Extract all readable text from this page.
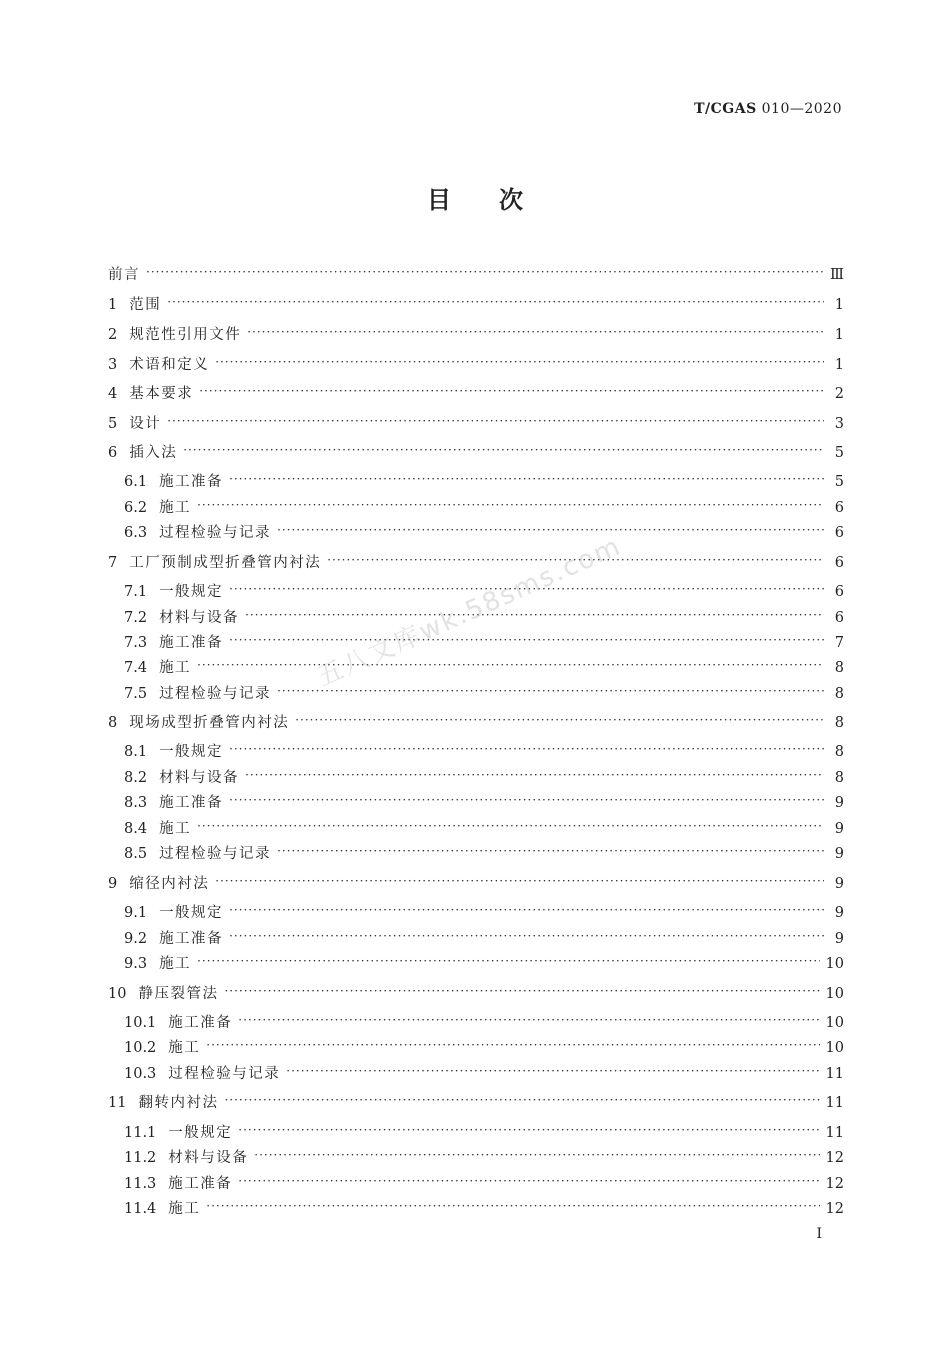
T/CGAS 010—2020
目次
前言 ·····	Ⅲ
1 范围 ·····	1
2 规范性引用文件 ·····	1
3 术语和定义 ·····	1
4 基本要求 ·····	2
5 设计 ·····	3
6 插入法 ·····	5
6.1 施工准备 ·····	5
6.2 施工 ·····	6
6.3 过程检验与记录 ·····	6
7 工厂预制成型折叠管内衬法 ·····	6
7.1 一般规定 ·····	6
7.2 材料与设备 ·····	6
7.3 施工准备 ·····	7
7.4 施工 ·····	8
7.5 过程检验与记录 ·····	8
8 现场成型折叠管内衬法 ·····	8
8.1 一般规定 ·····	8
8.2 材料与设备 ·····	8
8.3 施工准备 ·····	9
8.4 施工 ·····	9
8.5 过程检验与记录 ·····	9
9 缩径内衬法 ·····	9
9.1 一般规定 ·····	9
9.2 施工准备 ·····	9
9.3 施工 ·····	10
10 静压裂管法 ·····	10
10.1 施工准备 ·····	10
10.2 施工 ·····	10
10.3 过程检验与记录 ·····	11
11 翻转内衬法 ·····	11
11.1 一般规定 ·····	11
11.2 材料与设备 ·····	12
11.3 施工准备 ·····	12
11.4 施工 ·····	12
五八文库wk.58sms.com
I
